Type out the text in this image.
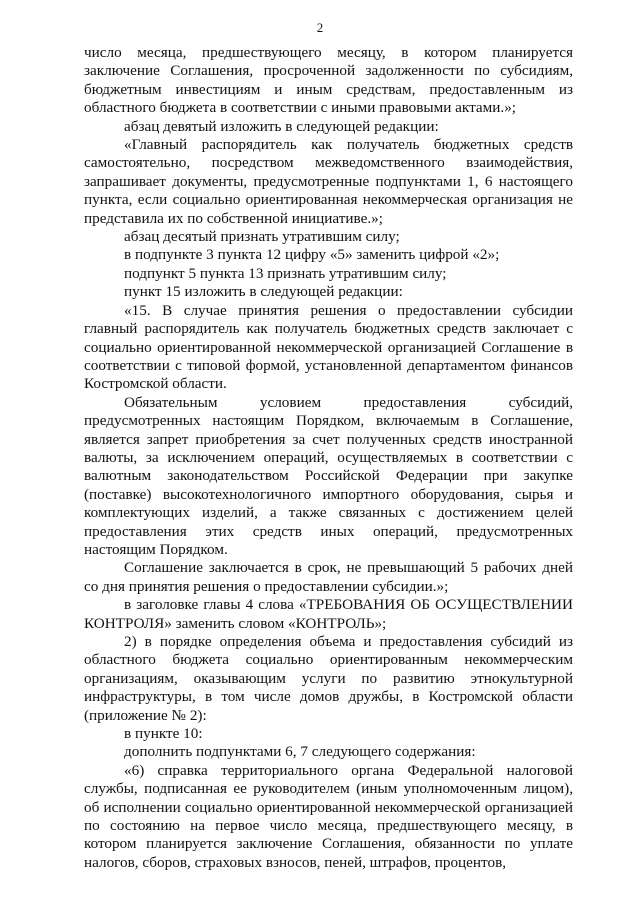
2

число месяца, предшествующего месяцу, в котором планируется заключение Соглашения, просроченной задолженности по субсидиям, бюджетным инвестициям и иным средствам, предоставленным из областного бюджета в соответствии с иными правовыми актами.»;

абзац девятый изложить в следующей редакции:

«Главный распорядитель как получатель бюджетных средств самостоятельно, посредством межведомственного взаимодействия, запрашивает документы, предусмотренные подпунктами 1, 6 настоящего пункта, если социально ориентированная некоммерческая организация не представила их по собственной инициативе.»;

абзац десятый признать утратившим силу;

в подпункте 3 пункта 12 цифру «5» заменить цифрой «2»;

подпункт 5 пункта 13 признать утратившим силу;

пункт 15 изложить в следующей редакции:

«15. В случае принятия решения о предоставлении субсидии главный распорядитель как получатель бюджетных средств заключает с социально ориентированной некоммерческой организацией Соглашение в соответствии с типовой формой, установленной департаментом финансов Костромской области.

Обязательным условием предоставления субсидий, предусмотренных настоящим Порядком, включаемым в Соглашение, является запрет приобретения за счет полученных средств иностранной валюты, за исключением операций, осуществляемых в соответствии с валютным законодательством Российской Федерации при закупке (поставке) высокотехнологичного импортного оборудования, сырья и комплектующих изделий, а также связанных с достижением целей предоставления этих средств иных операций, предусмотренных настоящим Порядком.

Соглашение заключается в срок, не превышающий 5 рабочих дней со дня принятия решения о предоставлении субсидии.»;

в заголовке главы 4 слова «ТРЕБОВАНИЯ ОБ ОСУЩЕСТВЛЕНИИ КОНТРОЛЯ» заменить словом «КОНТРОЛЬ»;

2) в порядке определения объема и предоставления субсидий из областного бюджета социально ориентированным некоммерческим организациям, оказывающим услуги по развитию этнокультурной инфраструктуры, в том числе домов дружбы, в Костромской области (приложение № 2):

в пункте 10:

дополнить подпунктами 6, 7 следующего содержания:

«6) справка территориального органа Федеральной налоговой службы, подписанная ее руководителем (иным уполномоченным лицом), об исполнении социально ориентированной некоммерческой организацией по состоянию на первое число месяца, предшествующего месяцу, в котором планируется заключение Соглашения, обязанности по уплате налогов, сборов, страховых взносов, пеней, штрафов, процентов,
